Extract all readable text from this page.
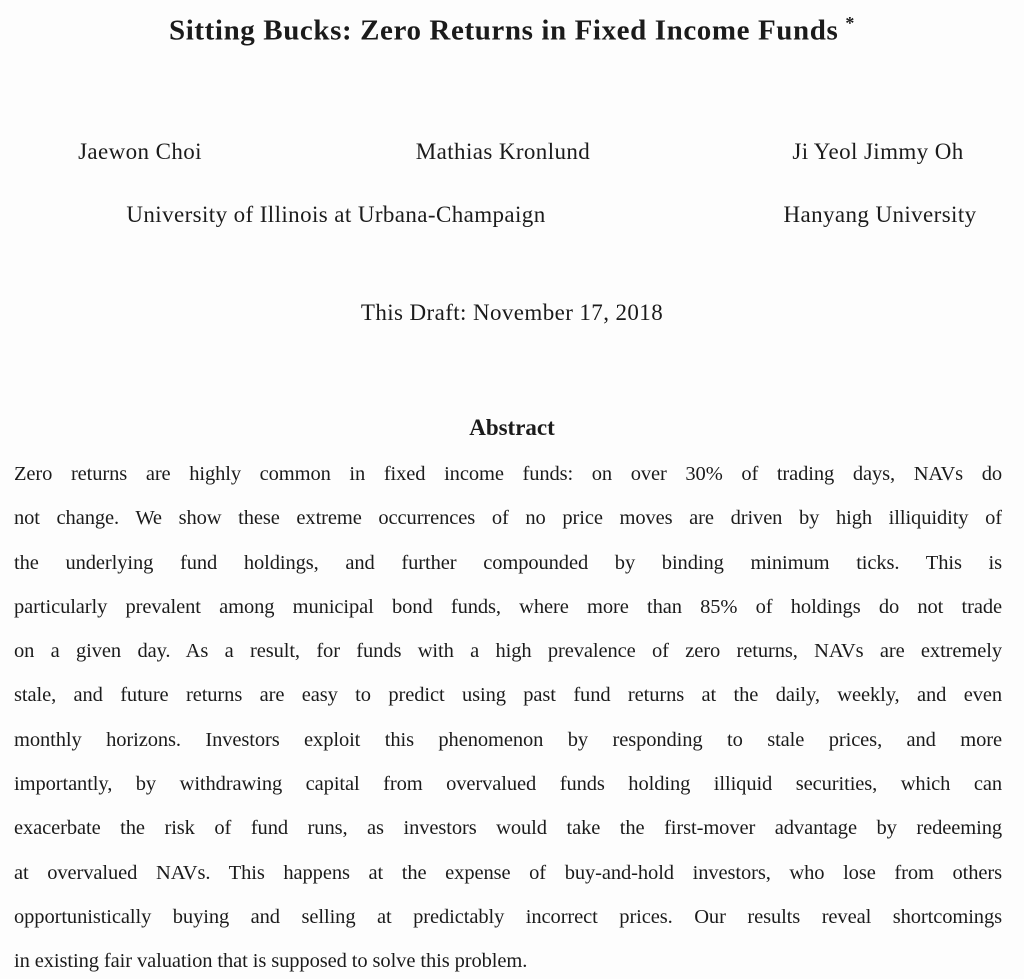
Sitting Bucks: Zero Returns in Fixed Income Funds *
Jaewon Choi	Mathias Kronlund	Ji Yeol Jimmy Oh
University of Illinois at Urbana-Champaign	Hanyang University
This Draft: November 17, 2018
Abstract
Zero returns are highly common in fixed income funds: on over 30% of trading days, NAVs do
not change. We show these extreme occurrences of no price moves are driven by high illiquidity of
the underlying fund holdings, and further compounded by binding minimum ticks. This is
particularly prevalent among municipal bond funds, where more than 85% of holdings do not trade
on a given day. As a result, for funds with a high prevalence of zero returns, NAVs are extremely
stale, and future returns are easy to predict using past fund returns at the daily, weekly, and even
monthly horizons. Investors exploit this phenomenon by responding to stale prices, and more
importantly, by withdrawing capital from overvalued funds holding illiquid securities, which can
exacerbate the risk of fund runs, as investors would take the first-mover advantage by redeeming
at overvalued NAVs. This happens at the expense of buy-and-hold investors, who lose from others
opportunistically buying and selling at predictably incorrect prices. Our results reveal shortcomings
in existing fair valuation that is supposed to solve this problem.
